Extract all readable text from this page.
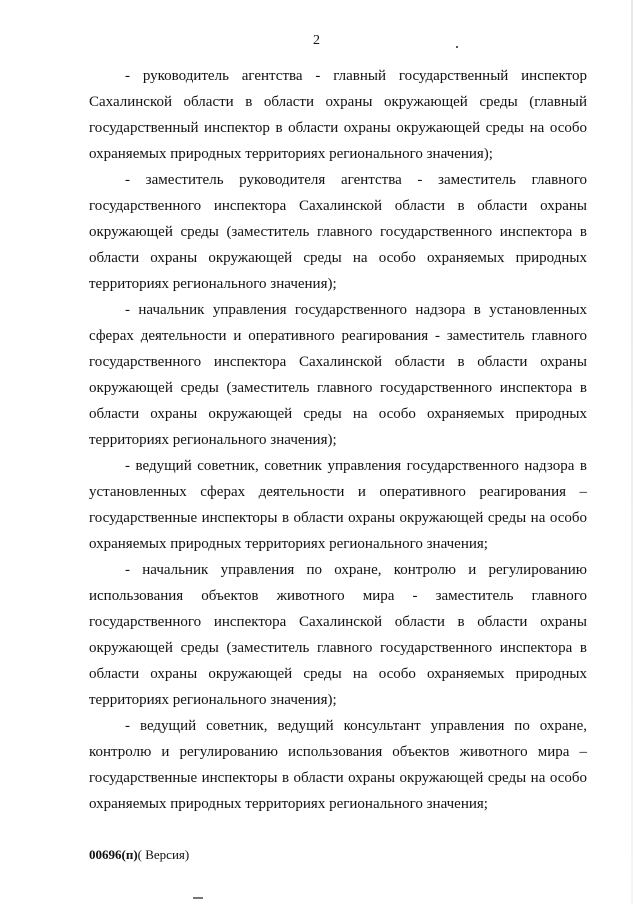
2

- руководитель агентства - главный государственный инспектор Сахалинской области в области охраны окружающей среды (главный государственный инспектор в области охраны окружающей среды на особо охраняемых природных территориях регионального значения);

- заместитель руководителя агентства - заместитель главного государственного инспектора Сахалинской области в области охраны окружающей среды (заместитель главного государственного инспектора в области охраны окружающей среды на особо охраняемых природных территориях регионального значения);

- начальник управления государственного надзора в установленных сферах деятельности и оперативного реагирования - заместитель главного государственного инспектора Сахалинской области в области охраны окружающей среды (заместитель главного государственного инспектора в области охраны окружающей среды на особо охраняемых природных территориях регионального значения);

- ведущий советник, советник управления государственного надзора в установленных сферах деятельности и оперативного реагирования – государственные инспекторы в области охраны окружающей среды на особо охраняемых природных территориях регионального значения;

- начальник управления по охране, контролю и регулированию использования объектов животного мира - заместитель главного государственного инспектора Сахалинской области в области охраны окружающей среды (заместитель главного государственного инспектора в области охраны окружающей среды на особо охраняемых природных территориях регионального значения);

- ведущий советник, ведущий консультант управления по охране, контролю и регулированию использования объектов животного мира – государственные инспекторы в области охраны окружающей среды на особо охраняемых природных территориях регионального значения;

00696(п)( Версия)
